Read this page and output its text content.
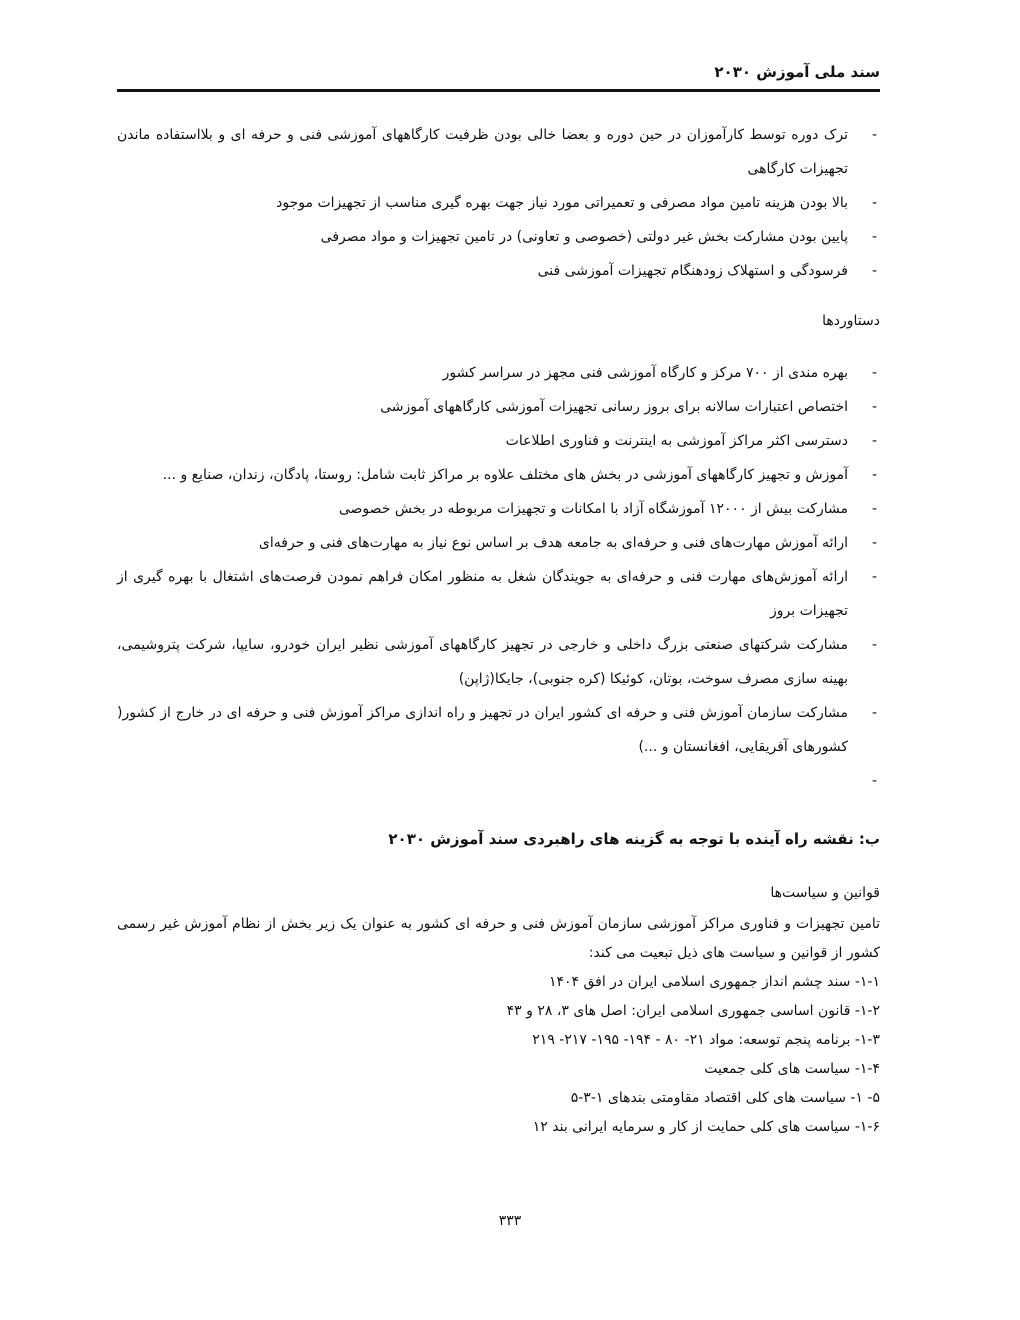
سند ملی آموزش ۲۰۳۰
- ترک دوره توسط کارآموزان در حین دوره و بعضا خالی بودن ظرفیت کارگاههای آموزشی فنی و حرفه ای و بلااستفاده ماندن تجهیزات کارگاهی
- بالا بودن هزینه تامین مواد مصرفی و تعمیراتی مورد نیاز جهت بهره گیری مناسب از تجهیزات موجود
- پایین بودن مشارکت بخش غیر دولتی (خصوصی و تعاونی) در تامین تجهیزات و مواد مصرفی
- فرسودگی و استهلاک زودهنگام تجهیزات آموزشی فنی
دستاوردها
- بهره مندی از ۷۰۰ مرکز و کارگاه آموزشی فنی مجهز در سراسر کشور
- اختصاص اعتبارات سالانه برای بروز رسانی تجهیزات آموزشی کارگاههای آموزشی
- دسترسی اکثر مراکز آموزشی به اینترنت و فناوری اطلاعات
- آموزش و تجهیز کارگاههای آموزشی در بخش های مختلف علاوه بر مراکز ثابت شامل: روستا، پادگان، زندان، صنایع و ...
- مشارکت بیش از ۱۲۰۰۰ آموزشگاه آزاد با امکانات و تجهیزات مربوطه در بخش خصوصی
- ارائه آموزش مهارت‌های فنی و حرفه‌ای به جامعه هدف بر اساس نوع نیاز به مهارت‌های فنی و حرفه‌ای
- ارائه آموزش‌های مهارت فنی و حرفه‌ای به جویندگان شغل به منظور امکان فراهم نمودن فرصت‌های اشتغال با بهره گیری از تجهیزات بروز
- مشارکت شرکتهای صنعتی بزرگ داخلی و خارجی در تجهیز کارگاههای آموزشی نظیر ایران خودرو، سایپا، شرکت پتروشیمی، بهینه سازی مصرف سوخت، بوتان، کوئیکا (کره جنوبی)، جایکا(ژاپن)
- مشارکت سازمان آموزش فنی و حرفه ای کشور ایران در تجهیز و راه اندازی مراکز آموزش فنی و حرفه ای در خارج از کشور( کشورهای آفریقایی، افغانستان و ...)
-
ب: نقشه راه آینده با توجه به گزینه های راهبردی سند آموزش ۲۰۳۰
قوانین و سیاست‌ها

تامین تجهیزات و فناوری مراکز آموزشی سازمان آموزش فنی و حرفه ای کشور به عنوان یک زیر بخش از نظام آموزش غیر رسمی کشور از قوانین و سیاست های ذیل تبعیت می کند:

۱-۱- سند چشم انداز جمهوری اسلامی ایران در افق ۱۴۰۴
۱-۲- قانون اساسی جمهوری اسلامی ایران: اصل های ۳، ۲۸ و ۴۳
۱-۳- برنامه پنجم توسعه: مواد ۲۱- ۸۰ - ۱۹۴- ۱۹۵- ۲۱۷- ۲۱۹
۱-۴- سیاست های کلی جمعیت
۵- ۱- سیاست های کلی اقتصاد مقاومتی بندهای ۱-۳-۵
۱-۶- سیاست های کلی حمایت از کار و سرمایه ایرانی بند ۱۲
۳۳۳
